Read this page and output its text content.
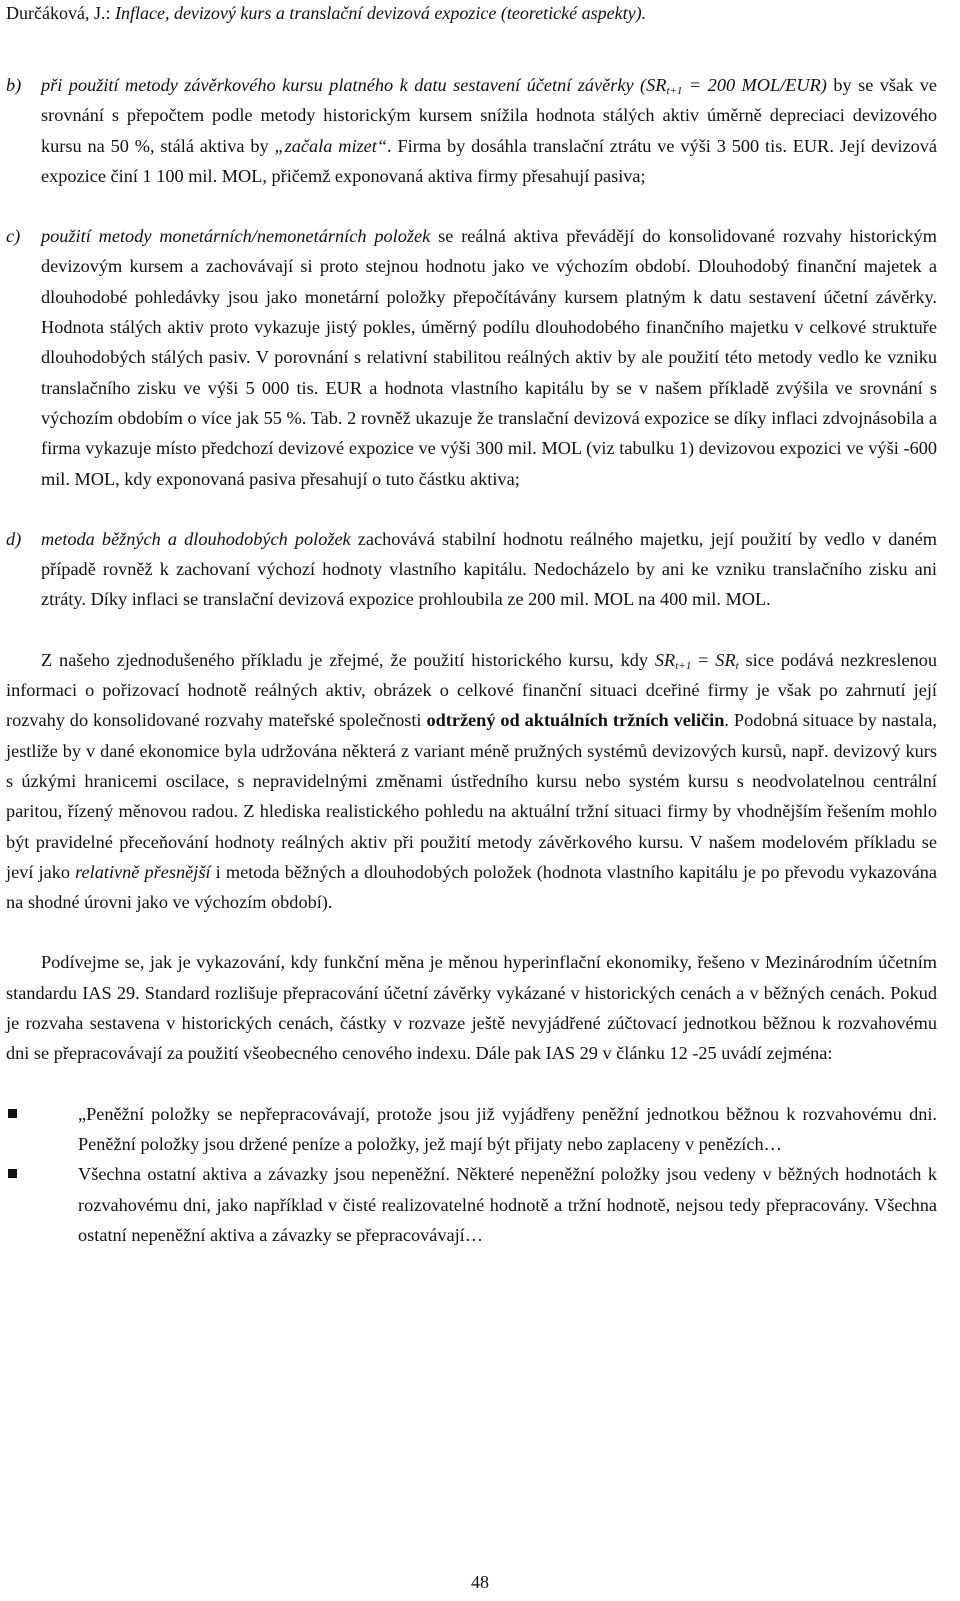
Durčáková, J.: Inflace, devizový kurs a translační devizová expozice (teoretické aspekty).
b) při použití metody závěrkového kursu platného k datu sestavení účetní závěrky ($SR_{t+1} = 200$ MOL/EUR) by se však ve srovnání s přepočtem podle metody historickým kursem snížila hodnota stálých aktiv úměrně depreciaci devizového kursu na 50 %, stálá aktiva by „začala mizet“. Firma by dosáhla translační ztrátu ve výši 3 500 tis. EUR. Její devizová expozice činí 1 100 mil. MOL, přičemž exponovaná aktiva firmy přesahují pasiva;
c) použití metody monetárních/nemonetárních položek se reálná aktiva převádějí do konsolidované rozvahy historickým devizovým kursem a zachovávají si proto stejnou hodnotu jako ve výchozím období. Dlouhodobý finanční majetek a dlouhodobé pohledávky jsou jako monetární položky přepočítávány kursem platným k datu sestavení účetní závěrky. Hodnota stálých aktiv proto vykazuje jistý pokles, úměrný podílu dlouhodobého finančního majetku v celkové struktuře dlouhodobých stálých pasiv. V porovnání s relativní stabilitou reálných aktiv by ale použití této metody vedlo ke vzniku translačního zisku ve výši 5 000 tis. EUR a hodnota vlastního kapitálu by se v našem příkladě zvýšila ve srovnání s výchozím obdobím o více jak 55 %. Tab. 2 rovněž ukazuje že translační devizová expozice se díky inflaci zdvojnásobila a firma vykazuje místo předchozí devizové expozice ve výši 300 mil. MOL (viz tabulku 1) devizovou expozici ve výši -600 mil. MOL, kdy exponovaná pasiva přesahují o tuto částku aktiva;
d) metoda běžných a dlouhodobých položek zachovává stabilní hodnotu reálného majetku, její použití by vedlo v daném případě rovněž k zachovaní výchozí hodnoty vlastního kapitálu. Nedocházelo by ani ke vzniku translačního zisku ani ztráty. Díky inflaci se translační devizová expozice prohloubila ze 200 mil. MOL na 400 mil. MOL.
Z našeho zjednodušeného příkladu je zřejmé, že použití historického kursu, kdy $SR_{t+1} = SR_t$ sice podává nezkreslenou informaci o pořizovací hodnotě reálných aktiv, obrázek o celkové finanční situaci dceřiné firmy je však po zahrnutí její rozvahy do konsolidované rozvahy mateřské společnosti odtržený od aktuálních tržních veličin. Podobná situace by nastala, jestliže by v dané ekonomice byla udržována některá z variant méně pružných systémů devizových kursů, např. devizový kurs s úzkými hranicemi oscilace, s nepravidelnými změnami ústředního kursu nebo systém kursu s neodvolatelnou centrální paritou, řízený měnovou radou. Z hlediska realistického pohledu na aktuální tržní situaci firmy by vhodnějším řešením mohlo být pravidelné přeceňování hodnoty reálných aktiv při použití metody závěrkového kursu. V našem modelovém příkladu se jeví jako relativně přesnější i metoda běžných a dlouhodobých položek (hodnota vlastního kapitálu je po převodu vykazována na shodné úrovni jako ve výchozím období).
Podívejme se, jak je vykazování, kdy funkční měna je měnou hyperinflační ekonomiky, řešeno v Mezinárodním účetním standardu IAS 29. Standard rozlišuje přepracování účetní závěrky vykázané v historických cenách a v běžných cenách. Pokud je rozvaha sestavena v historických cenách, částky v rozvaze ještě nevyjádřené zúčtovací jednotkou běžnou k rozvahovému dni se přepracovávají za použití všeobecného cenového indexu. Dále pak IAS 29 v článku 12 -25 uvádí zejména:
„Peněžní položky se nepřepracovávají, protože jsou již vyjádřeny peněžní jednotkou běžnou k rozvahovému dni. Peněžní položky jsou držené peníze a položky, jež mají být přijaty nebo zaplaceny v penězích…
Všechna ostatní aktiva a závazky jsou nepeněžní. Některé nepeněžní položky jsou vedeny v běžných hodnotách k rozvahovému dni, jako například v čisté realizovatelné hodnotě a tržní hodnotě, nejsou tedy přepracovány. Všechna ostatní nepeněžní aktiva a závazky se přepracovávají…
48
